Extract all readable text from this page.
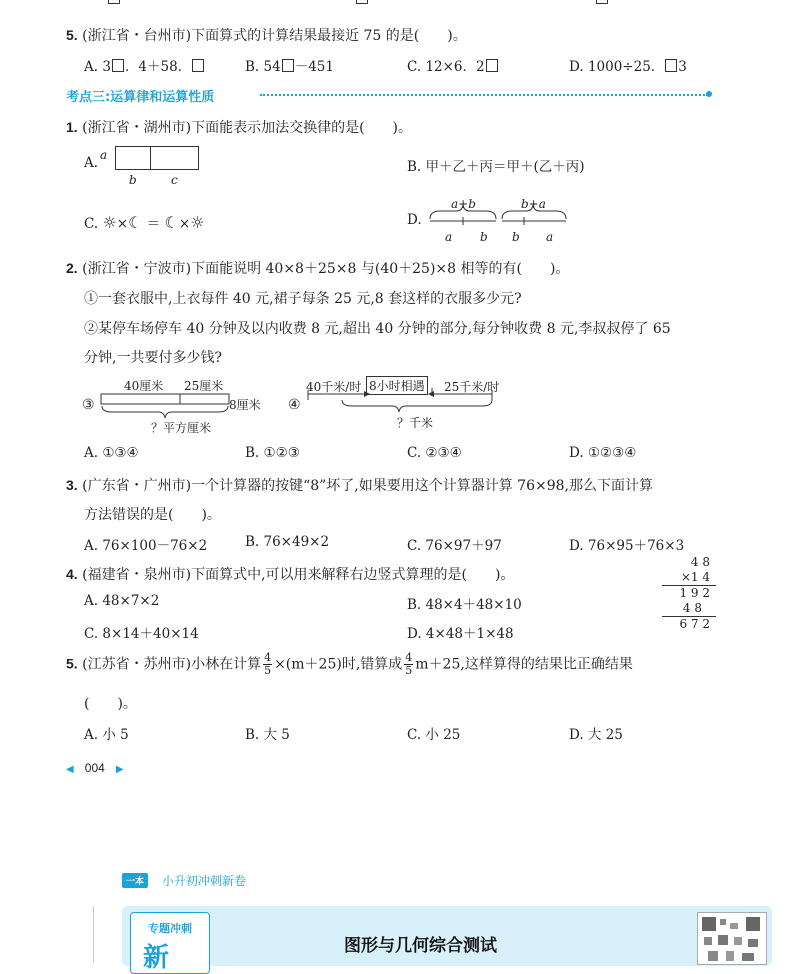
5. (浙江省・台州市)下面算式的计算结果最接近 75 的是(　　)。
A. 3 ．4＋58．	B. 54 －451	C. 12×6．2	D. 1000÷25． 3
考点三:运算律和运算性质
1. (浙江省・湖州市)下面能表示加法交换律的是(　　)。
A. a
b	c
B. 甲＋乙＋丙＝甲＋(乙＋丙)
C. ☼×☾ ＝ ☾×☼	D.
a+b	b+a
a b b a
2. (浙江省・宁波市)下面能说明 40×8＋25×8 与(40＋25)×8 相等的有(　　)。
①一套衣服中,上衣每件 40 元,裙子每条 25 元,8 套这样的衣服多少元?
②某停车场停车 40 分钟及以内收费 8 元,超出 40 分钟的部分,每分钟收费 8 元,李叔叔停了 65
分钟,一共要付多少钱?
③
40厘米 25厘米
8厘米
？平方厘米
④
40千米/时 8小时相遇 25千米/时
？千米
A. ①③④	B. ①②③	C. ②③④	D. ①②③④
3. (广东省・广州市)一个计算器的按键“8”坏了,如果要用这个计算器计算 76×98,那么下面计算
方法错误的是(　　)。
A. 76×100－76×2	B. 76×49×2	C. 76×97＋97	D. 76×95＋76×3
4. (福建省・泉州市)下面算式中,可以用来解释右边竖式算理的是(　　)。
A. 48×7×2	B. 48×4＋48×10
C. 8×14＋40×14	D. 4×48＋1×48
4 8
×1 4
1 9 2
4 8
6 7 2
5. (江苏省・苏州市)小林在计算 $\frac{4}{5} \times(m+25)$时,错算成 $\frac{4}{5} m+25$,这样算得的结果比正确结果
(　　)。
A. 小 5	B. 大 5	C. 小 25	D. 大 25
◀ 004 ▶
一本	小升初冲刺新卷
专题冲刺
新	图形与几何综合测试
